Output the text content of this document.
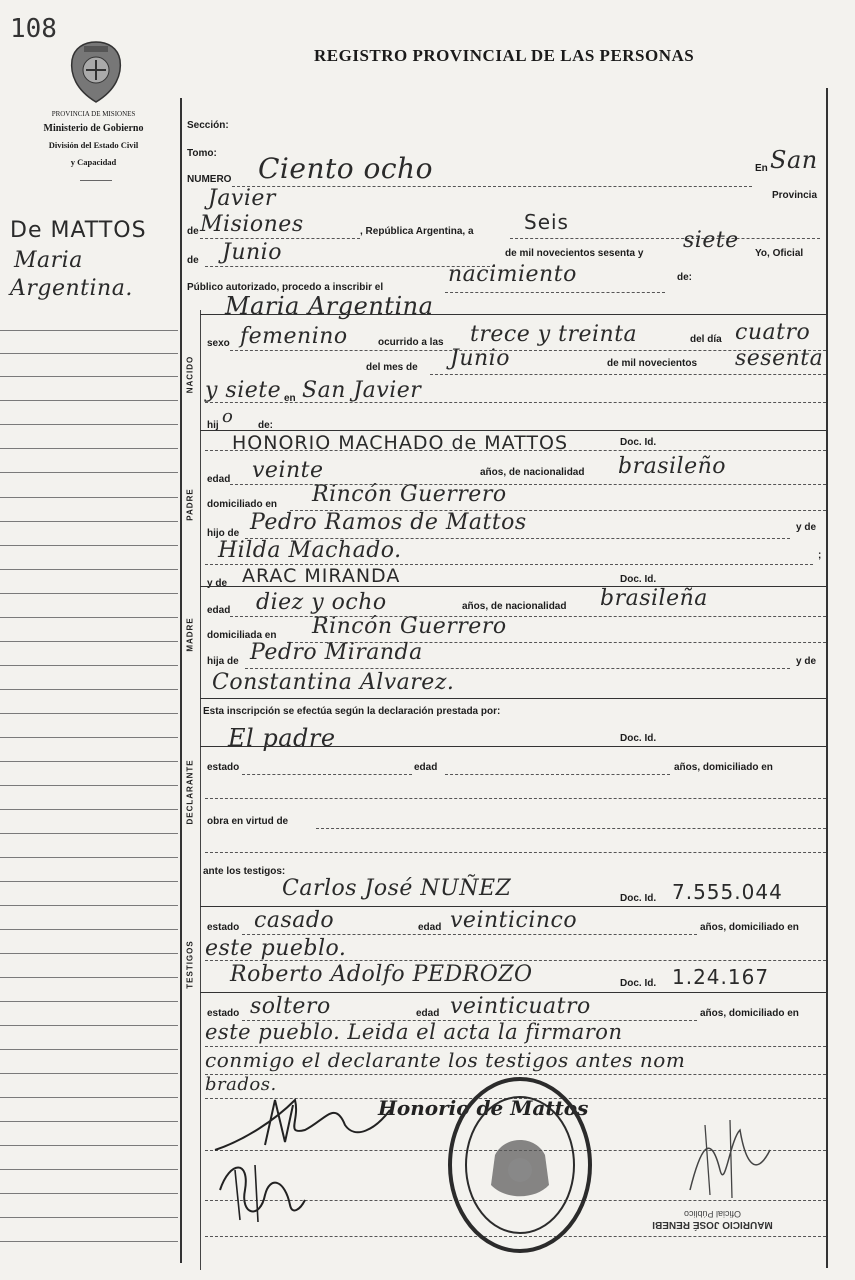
108
REGISTRO PROVINCIAL DE LAS PERSONAS
PROVINCIA DE MISIONES
Ministerio de Gobierno
División del Estado Civil
y Capacidad
De MATTOS
Maria
Argentina.
Sección:
Tomo:
NUMERO Ciento ocho	En San
Provincia
Javier
de Misiones	, República Argentina, a	Seis
de Junio	de mil novecientos sesenta y
siete
Yo, Oficial
Público autorizado, procedo a inscribir el
nacimiento	de:
Maria Argentina
NACIDO
sexo femenino	ocurrido a las trece y treinta	del día cuatro
del mes de Junio	de mil novecientos sesenta
y siete en San Javier
hij o de:
PADRE
HONORIO MACHADO de MATTOS	Doc. Id.
edad veinte	años, de nacionalidad brasileño
domiciliado en Rincón Guerrero
hijo de Pedro Ramos de Mattos	y de
Hilda Machado.	;
y de ARAC MIRANDA	Doc. Id.
MADRE
edad diez y ocho	años, de nacionalidad brasileña
domiciliada en Rincón Guerrero
hija de Pedro Miranda	y de
Constantina Alvarez.
Esta inscripción se efectúa según la declaración prestada por:
El padre	Doc. Id.
DECLARANTE estado	edad	años, domiciliado en
obra en virtud de
ante los testigos:
Carlos José NUÑEZ	Doc. Id. 7.555.044
TESTIGOS
estado casado	edad veinticinco	años, domiciliado en
este pueblo.
Roberto Adolfo PEDROZO	Doc. Id. 1.24.167
estado soltero	edad veinticuatro	años, domiciliado en
este pueblo. Leida el acta la firmaron
conmigo el declarante los testigos antes nom
brados.
Honorio de Mattos
MAURICIO JOSÉ RENEBI
Oficial Público
